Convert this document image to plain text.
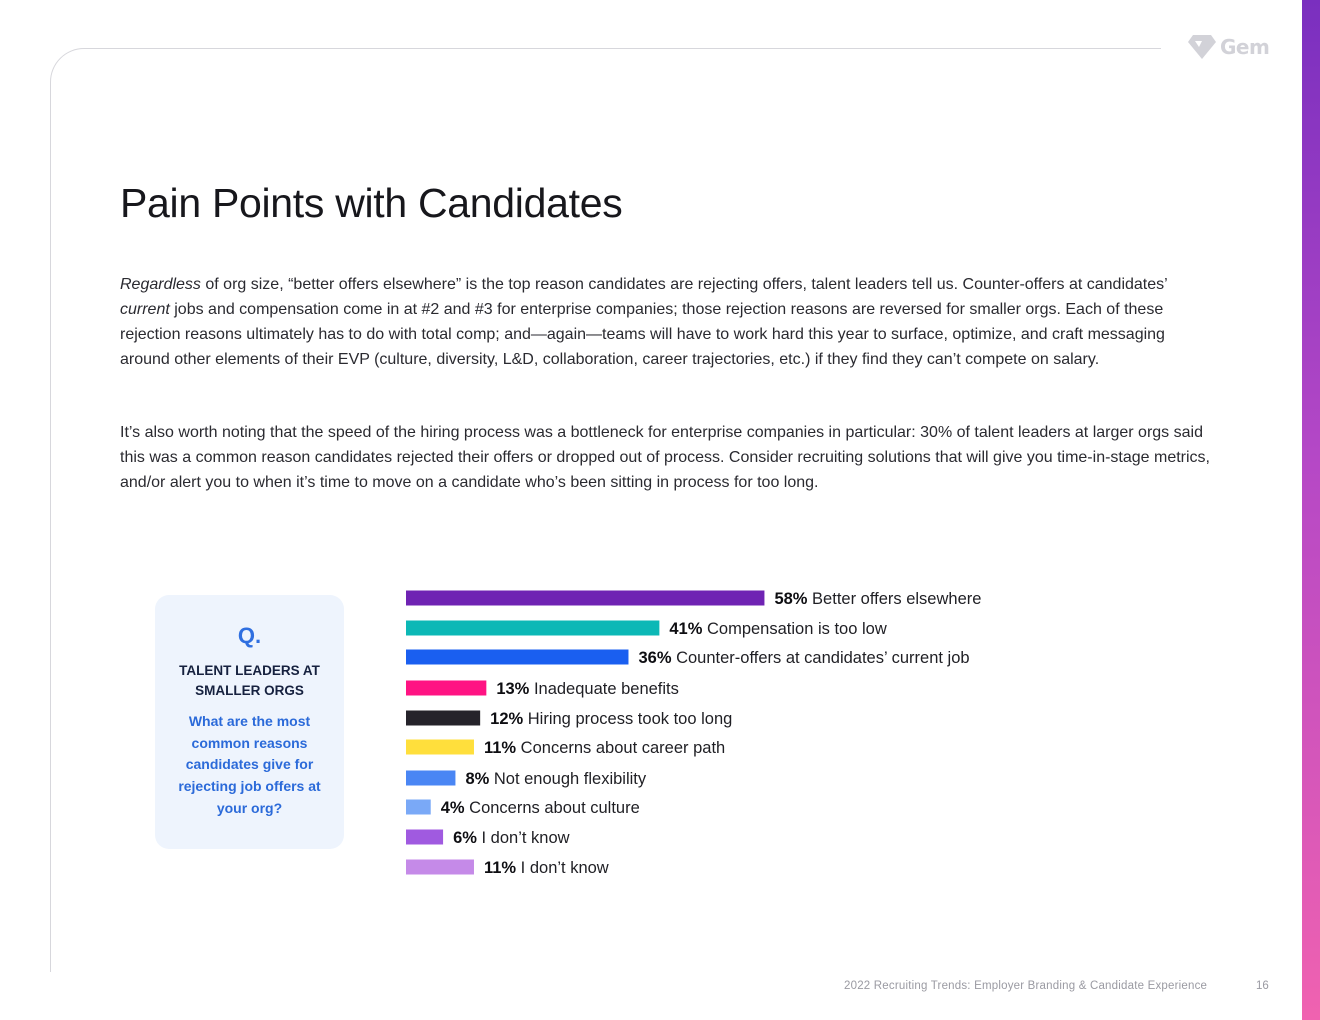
Gem
Pain Points with Candidates

Regardless of org size, “better offers elsewhere” is the top reason candidates are rejecting offers, talent leaders tell us. Counter-offers at candidates’ current jobs and compensation come in at #2 and #3 for enterprise companies; those rejection reasons are reversed for smaller orgs. Each of these rejection reasons ultimately has to do with total comp; and—again—teams will have to work hard this year to surface, optimize, and craft messaging around other elements of their EVP (culture, diversity, L&D, collaboration, career trajectories, etc.) if they find they can’t compete on salary.

It’s also worth noting that the speed of the hiring process was a bottleneck for enterprise companies in particular: 30% of talent leaders at larger orgs said this was a common reason candidates rejected their offers or dropped out of process. Consider recruiting solutions that will give you time-in-stage metrics, and/or alert you to when it’s time to move on a candidate who’s been sitting in process for too long.

Q.
TALENT LEADERS AT SMALLER ORGS
What are the most common reasons candidates give for rejecting job offers at your org?
58% Better offers elsewhere
41% Compensation is too low
36% Counter-offers at candidates’ current job
13% Inadequate benefits
12% Hiring process took too long
11% Concerns about career path
8% Not enough flexibility
4% Concerns about culture
6% I don’t know
11% I don’t know
2022 Recruiting Trends: Employer Branding & Candidate Experience	16
